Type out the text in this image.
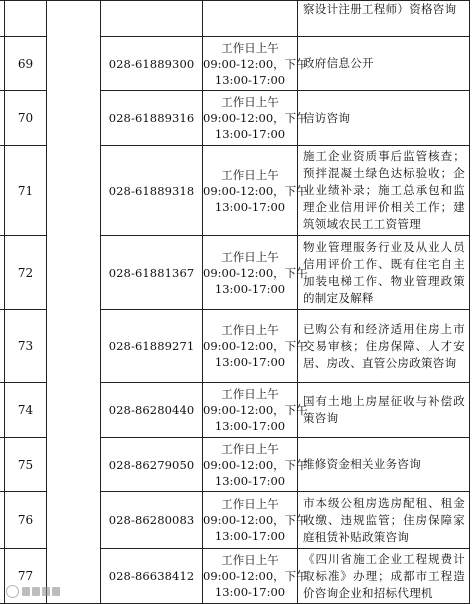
					察设计注册工程师）资格咨询
	69		028-61889300	工作日上午
09:00-12:00，下午
13:00-17:00	政府信息公开
	70		028-61889316	工作日上午
09:00-12:00，下午
13:00-17:00	信访咨询
	71		028-61889318	工作日上午
09:00-12:00，下午
13:00-17:00	施工企业资质事后监管核查；预拌混凝土绿色达标验收；企业业绩补录；施工总承包和监理企业信用评价相关工作；建筑领域农民工工资管理
	72		028-61881367	工作日上午
09:00-12:00，下午
13:00-17:00	物业管理服务行业及从业人员信用评价工作、既有住宅自主加装电梯工作、物业管理政策的制定及解释
	73		028-61889271	工作日上午
09:00-12:00，下午
13:00-17:00	已购公有和经济适用住房上市交易审核；住房保障、人才安居、房改、直管公房政策咨询
	74		028-86280440	工作日上午
09:00-12:00，下午
13:00-17:00	国有土地上房屋征收与补偿政策咨询
	75		028-86279050	工作日上午
09:00-12:00，下午
13:00-17:00	维修资金相关业务咨询
	76		028-86280083	工作日上午
09:00-12:00，下午
13:00-17:00	市本级公租房选房配租、租金收缴、违规监管；住房保障家庭租赁补贴政策咨询
	77		028-86638412	工作日上午
09:00-12:00，下午
13:00-17:00	《四川省施工企业工程规费计取标准》办理；成都市工程造价咨询企业和招标代理机
